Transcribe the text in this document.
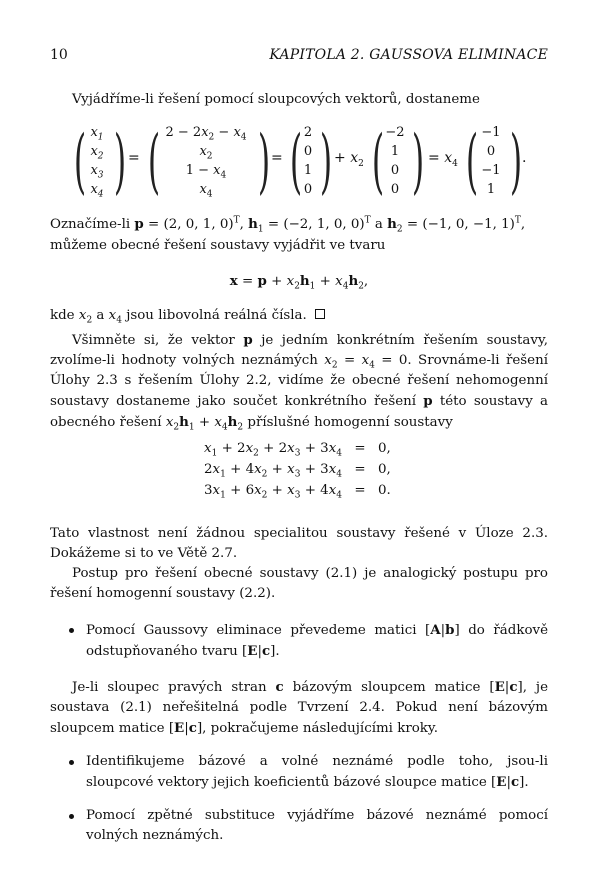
10	KAPITOLA 2. GAUSSOVA ELIMINACE
Vyjádříme-li řešení pomocí sloupcových vektorů, dostaneme
( $x_1$
$x_2$
$x_3$
$x_4$ ) = ( $2 - 2x_2 - x_4$
$x_2$
$1 - x_4$
$x_4$ ) = ( 2
0
1
0 ) + $x_2$ ( −2
1
0
0 ) = $x_4$ ( −1
0
−1
1 ) .
Označíme-li p = (2, 0, 1, 0)$^T$, $h_1 = (-2$, 1, 0, 0)$^T$ a $h_2 = (-1$, 0, −1, 1)$^T$,
můžeme obecné řešení soustavy vyjádřit ve tvaru
$x = p + x_2h_1 + x_4h_2$,
kde $x_2$ a $x_4$ jsou libovolná reálná čísla.
Všimněte si, že vektor p je jedním konkrétním řešením soustavy, zvolíme-li hodnoty volných neznámých $x_2 = x_4 = 0$. Srovnáme-li řešení Úlohy 2.3 s řešením Úlohy 2.2, vidíme že obecné řešení nehomogenní soustavy dostaneme jako součet konkrétního řešení p této soustavy a obecného řešení $x_2h_1 + x_4h_2$ příslušné homogenní soustavy
$x_1 + 2x_2 + 2x_3 + 3x_4 = 0$,
$2x_1 + 4x_2 + x_3 + 3x_4 = 0$,
$3x_1 + 6x_2 + x_3 + 4x_4 = 0$.
Tato vlastnost není žádnou specialitou soustavy řešené v Úloze 2.3. Dokážeme si to ve Větě 2.7.
Postup pro řešení obecné soustavy (2.1) je analogický postupu pro řešení homogenní soustavy (2.2).
Pomocí Gaussovy eliminace převedeme matici [A|b] do řádkově odstupňovaného tvaru [E|c].
Je-li sloupec pravých stran c bázovým sloupcem matice [E|c], je soustava (2.1) neřešitelná podle Tvrzení 2.4. Pokud není bázovým sloupcem matice [E|c], pokračujeme následujícími kroky.
Identifikujeme bázové a volné neznámé podle toho, jsou-li sloupcové vektory jejich koeficientů bázové sloupce matice [E|c].
Pomocí zpětné substituce vyjádříme bázové neznámé pomocí volných neznámých.
